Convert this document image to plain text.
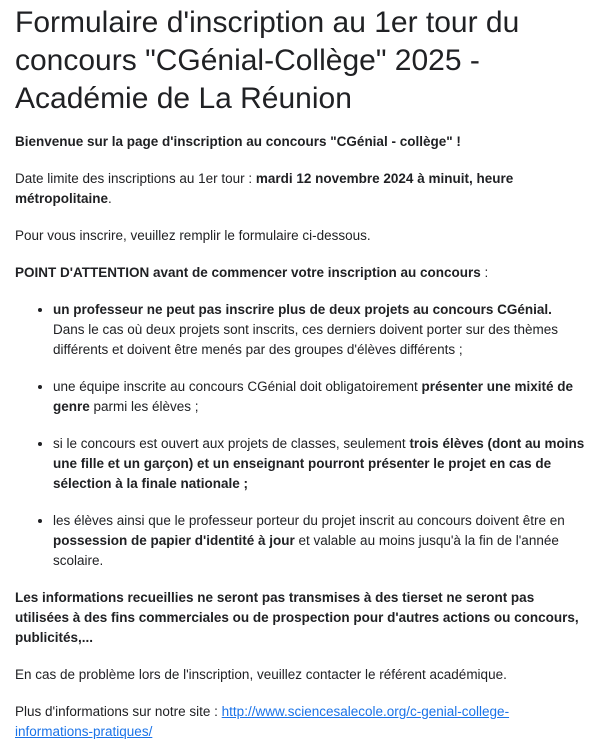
Formulaire d'inscription au 1er tour du concours "CGénial-Collège" 2025 - Académie de La Réunion

Bienvenue sur la page d'inscription au concours "CGénial - collège" !

Date limite des inscriptions au 1er tour : mardi 12 novembre 2024 à minuit, heure métropolitaine.

Pour vous inscrire, veuillez remplir le formulaire ci-dessous.

POINT D'ATTENTION avant de commencer votre inscription au concours :

• un professeur ne peut pas inscrire plus de deux projets au concours CGénial. Dans le cas où deux projets sont inscrits, ces derniers doivent porter sur des thèmes différents et doivent être menés par des groupes d'élèves différents ;
• une équipe inscrite au concours CGénial doit obligatoirement présenter une mixité de genre parmi les élèves ;
• si le concours est ouvert aux projets de classes, seulement trois élèves (dont au moins une fille et un garçon) et un enseignant pourront présenter le projet en cas de sélection à la finale nationale ;
• les élèves ainsi que le professeur porteur du projet inscrit au concours doivent être en possession de papier d'identité à jour et valable au moins jusqu'à la fin de l'année scolaire.

Les informations recueillies ne seront pas transmises à des tierset ne seront pas utilisées à des fins commerciales ou de prospection pour d'autres actions ou concours, publicités,...

En cas de problème lors de l'inscription, veuillez contacter le référent académique.

Plus d'informations sur notre site : http://www.sciencesalecole.org/c-genial-college-informations-pratiques/
